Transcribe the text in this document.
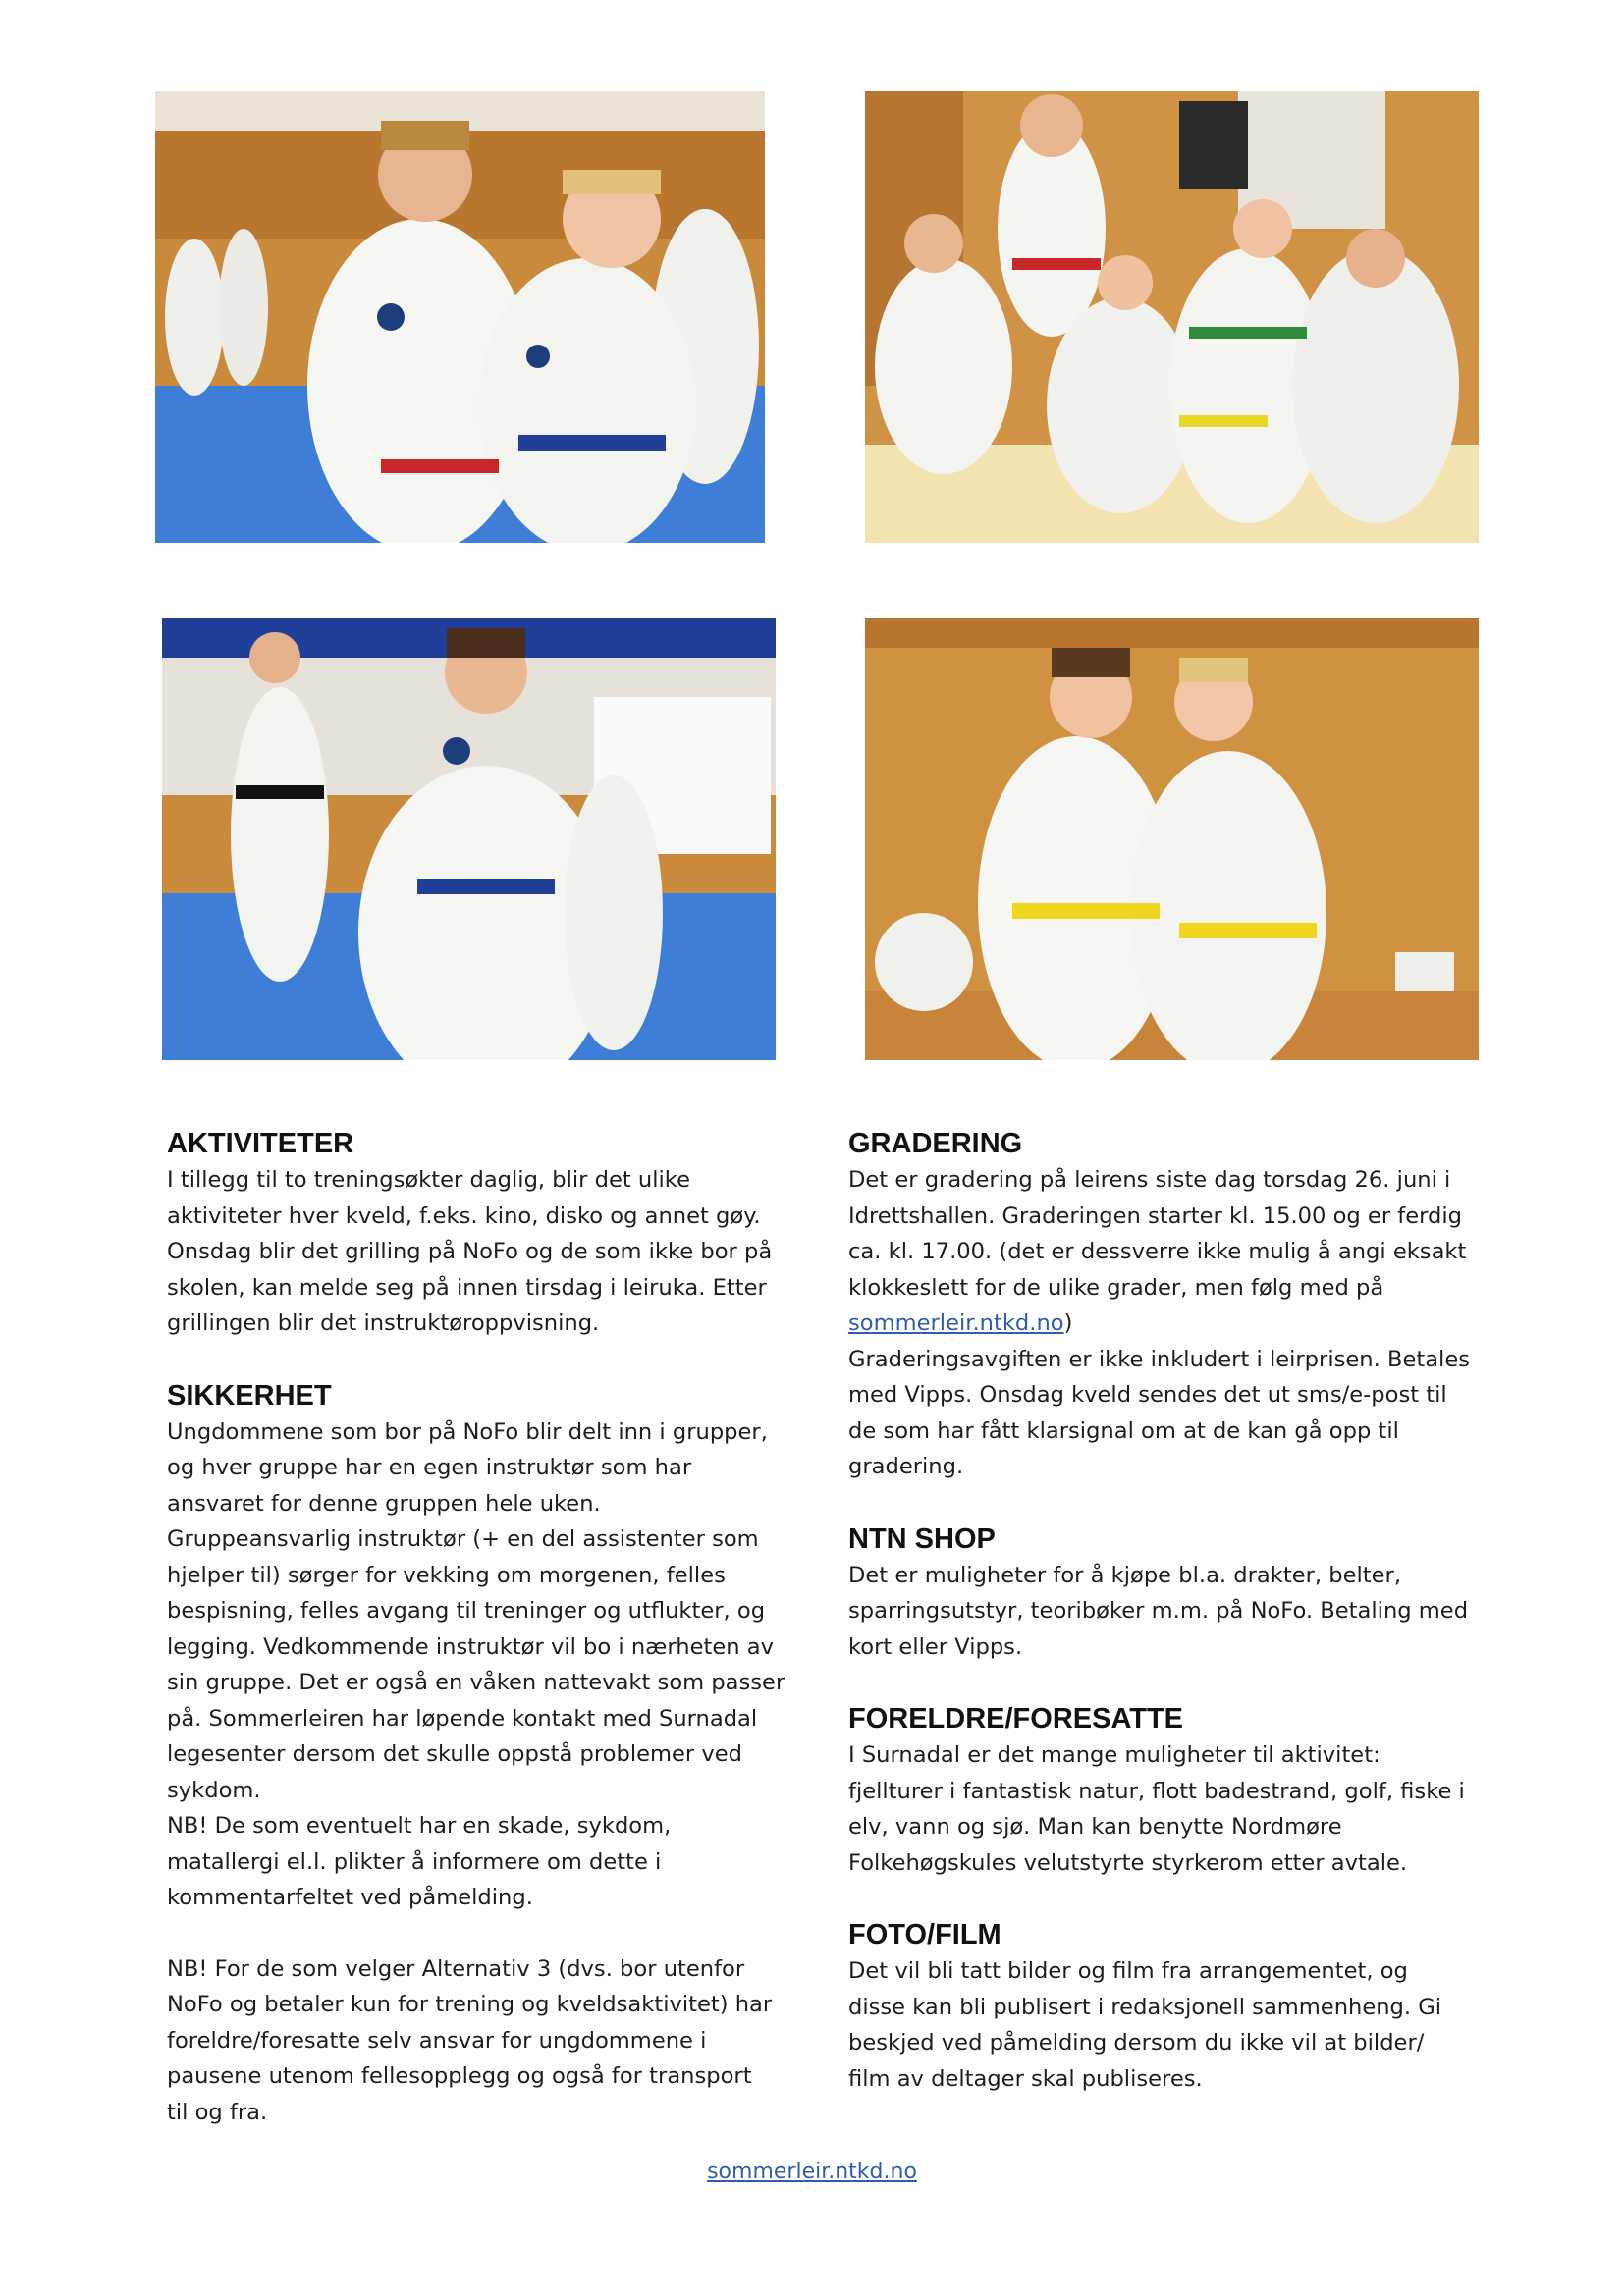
AKTIVITETER

I tillegg til to treningsøkter daglig, blir det ulike

aktiviteter hver kveld, f.eks. kino, disko og annet gøy.

Onsdag blir det grilling på NoFo og de som ikke bor på

skolen, kan melde seg på innen tirsdag i leiruka. Etter

grillingen blir det instruktøroppvisning.

SIKKERHET

Ungdommene som bor på NoFo blir delt inn i grupper,

og hver gruppe har en egen instruktør som har

ansvaret for denne gruppen hele uken.

Gruppeansvarlig instruktør (+ en del assistenter som

hjelper til) sørger for vekking om morgenen, felles

bespisning, felles avgang til treninger og utflukter, og

legging. Vedkommende instruktør vil bo i nærheten av

sin gruppe. Det er også en våken nattevakt som passer

på. Sommerleiren har løpende kontakt med Surnadal

legesenter dersom det skulle oppstå problemer ved

sykdom.

NB! De som eventuelt har en skade, sykdom,

matallergi el.l. plikter å informere om dette i

kommentarfeltet ved påmelding.

NB! For de som velger Alternativ 3 (dvs. bor utenfor

NoFo og betaler kun for trening og kveldsaktivitet) har

foreldre/foresatte selv ansvar for ungdommene i

pausene utenom fellesopplegg og også for transport

til og fra.

GRADERING

Det er gradering på leirens siste dag torsdag 26. juni i

Idrettshallen. Graderingen starter kl. 15.00 og er ferdig

ca. kl. 17.00. (det er dessverre ikke mulig å angi eksakt

klokkeslett for de ulike grader, men følg med på

sommerleir.ntkd.no)

Graderingsavgiften er ikke inkludert i leirprisen. Betales

med Vipps. Onsdag kveld sendes det ut sms/e-post til

de som har fått klarsignal om at de kan gå opp til

gradering.

NTN SHOP

Det er muligheter for å kjøpe bl.a. drakter, belter,

sparringsutstyr, teoribøker m.m. på NoFo. Betaling med

kort eller Vipps.

FORELDRE/FORESATTE

I Surnadal er det mange muligheter til aktivitet:

fjellturer i fantastisk natur, flott badestrand, golf, fiske i

elv, vann og sjø. Man kan benytte Nordmøre

Folkehøgskules velutstyrte styrkerom etter avtale.

FOTO/FILM

Det vil bli tatt bilder og film fra arrangementet, og

disse kan bli publisert i redaksjonell sammenheng. Gi

beskjed ved påmelding dersom du ikke vil at bilder/

film av deltager skal publiseres.

sommerleir.ntkd.no
